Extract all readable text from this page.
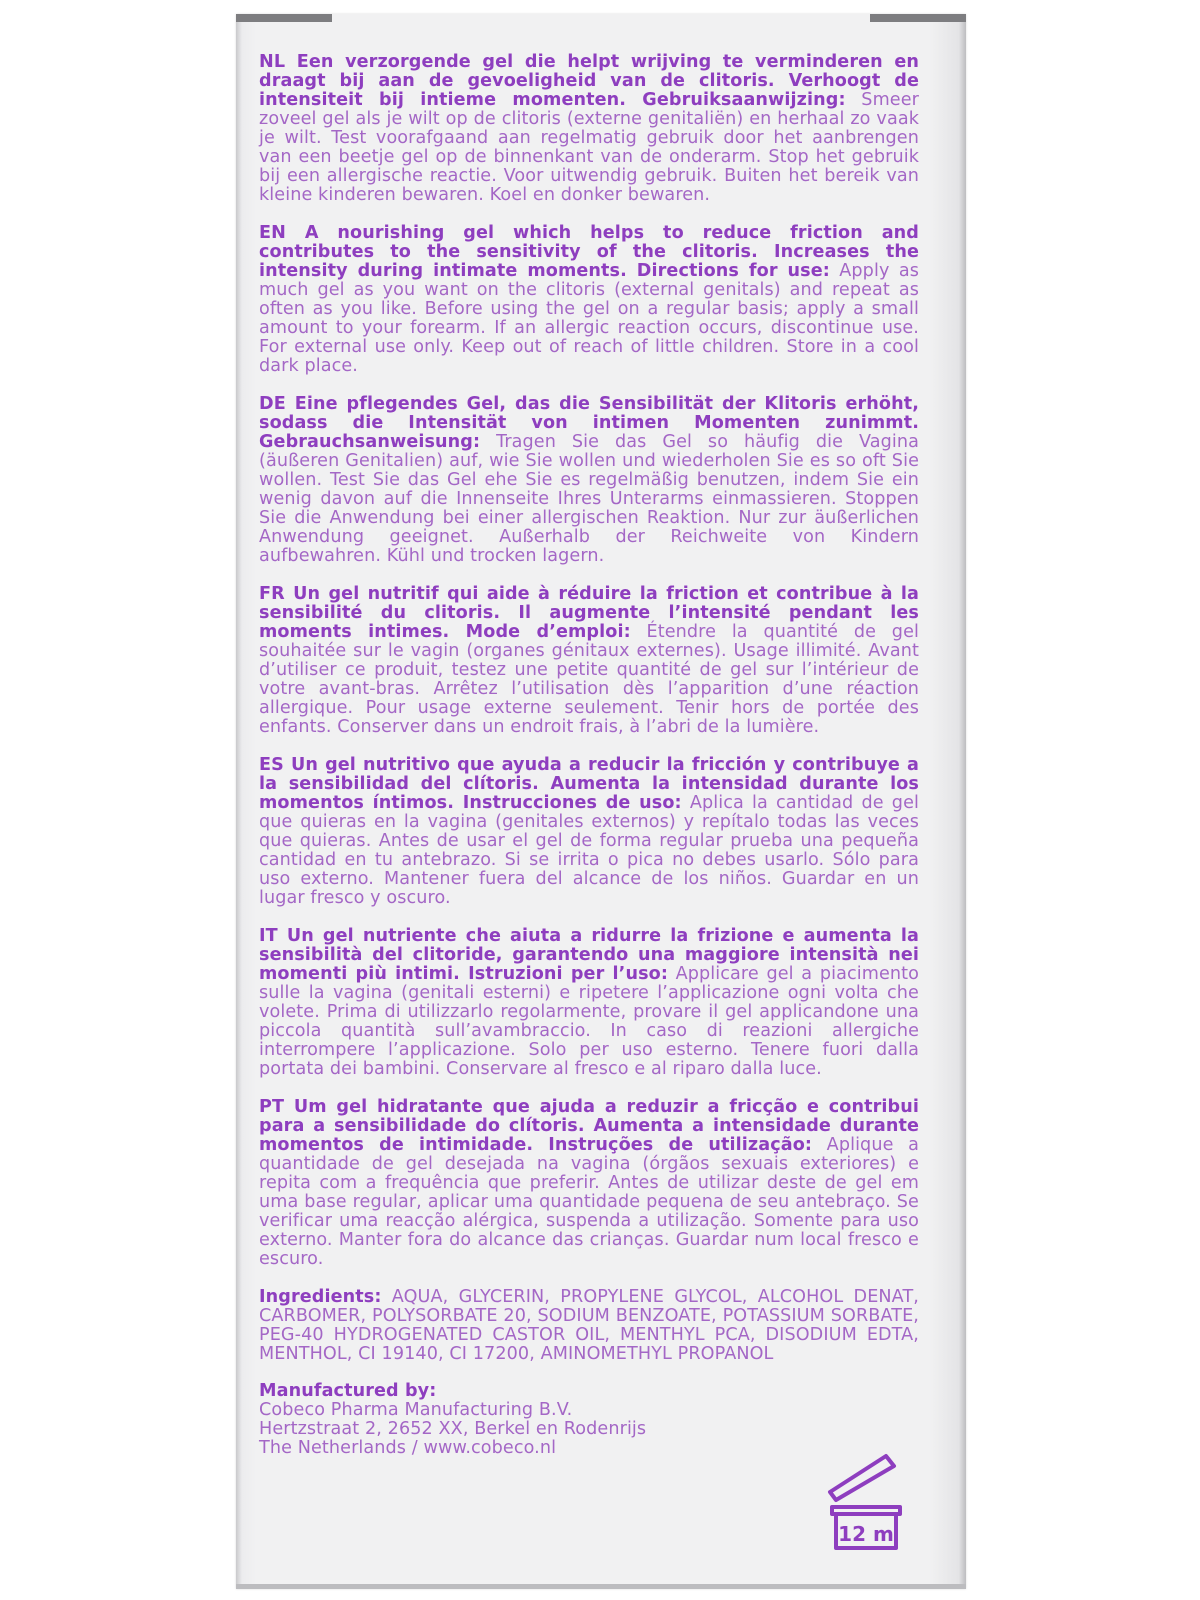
NL Een verzorgende gel die helpt wrijving te verminderen en draagt bij aan de gevoeligheid van de clitoris. Verhoogt de intensiteit bij intieme momenten. Gebruiksaanwijzing: Smeer zoveel gel als je wilt op de clitoris (externe genitaliën) en herhaal zo vaak je wilt. Test voorafgaand aan regelmatig gebruik door het aanbrengen van een beetje gel op de binnenkant van de onderarm. Stop het gebruik bij een allergische reactie. Voor uitwendig gebruik. Buiten het bereik van kleine kinderen bewaren. Koel en donker bewaren.

EN A nourishing gel which helps to reduce friction and contributes to the sensitivity of the clitoris. Increases the intensity during intimate moments. Directions for use: Apply as much gel as you want on the clitoris (external genitals) and repeat as often as you like. Before using the gel on a regular basis; apply a small amount to your forearm. If an allergic reaction occurs, discontinue use. For external use only. Keep out of reach of little children. Store in a cool dark place.

DE Eine pflegendes Gel, das die Sensibilität der Klitoris erhöht, sodass die Intensität von intimen Momenten zunimmt. Gebrauchsanweisung: Tragen Sie das Gel so häufig die Vagina (äußeren Genitalien) auf, wie Sie wollen und wiederholen Sie es so oft Sie wollen. Test Sie das Gel ehe Sie es regelmäßig benutzen, indem Sie ein wenig davon auf die Innenseite Ihres Unterarms einmassieren. Stoppen Sie die Anwendung bei einer allergischen Reaktion. Nur zur äußerlichen Anwendung geeignet. Außerhalb der Reichweite von Kindern aufbewahren. Kühl und trocken lagern.

FR Un gel nutritif qui aide à réduire la friction et contribue à la sensibilité du clitoris. Il augmente l’intensité pendant les moments intimes. Mode d’emploi: Étendre la quantité de gel souhaitée sur le vagin (organes génitaux externes). Usage illimité. Avant d’utiliser ce produit, testez une petite quantité de gel sur l’intérieur de votre avant-bras. Arrêtez l’utilisation dès l’apparition d’une réaction allergique. Pour usage externe seulement. Tenir hors de portée des enfants. Conserver dans un endroit frais, à l’abri de la lumière.

ES Un gel nutritivo que ayuda a reducir la fricción y contribuye a la sensibilidad del clítoris. Aumenta la intensidad durante los momentos íntimos. Instrucciones de uso: Aplica la cantidad de gel que quieras en la vagina (genitales externos) y repítalo todas las veces que quieras. Antes de usar el gel de forma regular prueba una pequeña cantidad en tu antebrazo. Si se irrita o pica no debes usarlo. Sólo para uso externo. Mantener fuera del alcance de los niños. Guardar en un lugar fresco y oscuro.

IT Un gel nutriente che aiuta a ridurre la frizione e aumenta la sensibilità del clitoride, garantendo una maggiore intensità nei momenti più intimi. Istruzioni per l’uso: Applicare gel a piacimento sulle la vagina (genitali esterni) e ripetere l’applicazione ogni volta che volete. Prima di utilizzarlo regolarmente, provare il gel applicandone una piccola quantità sull’avambraccio. In caso di reazioni allergiche interrompere l’applicazione. Solo per uso esterno. Tenere fuori dalla portata dei bambini. Conservare al fresco e al riparo dalla luce.

PT Um gel hidratante que ajuda a reduzir a fricção e contribui para a sensibilidade do clítoris. Aumenta a intensidade durante momentos de intimidade. Instruções de utilização: Aplique a quantidade de gel desejada na vagina (órgãos sexuais exteriores) e repita com a frequência que preferir. Antes de utilizar deste de gel em uma base regular, aplicar uma quantidade pequena de seu antebraço. Se verificar uma reacção alérgica, suspenda a utilização. Somente para uso externo. Manter fora do alcance das crianças. Guardar num local fresco e escuro.

Ingredients: AQUA, GLYCERIN, PROPYLENE GLYCOL, ALCOHOL DENAT, CARBOMER, POLYSORBATE 20, SODIUM BENZOATE, POTASSIUM SORBATE, PEG-40 HYDROGENATED CASTOR OIL, MENTHYL PCA, DISODIUM EDTA, MENTHOL, CI 19140, CI 17200, AMINOMETHYL PROPANOL

Manufactured by:
Cobeco Pharma Manufacturing B.V.
Hertzstraat 2, 2652 XX, Berkel en Rodenrijs
The Netherlands / www.cobeco.nl
12 m
